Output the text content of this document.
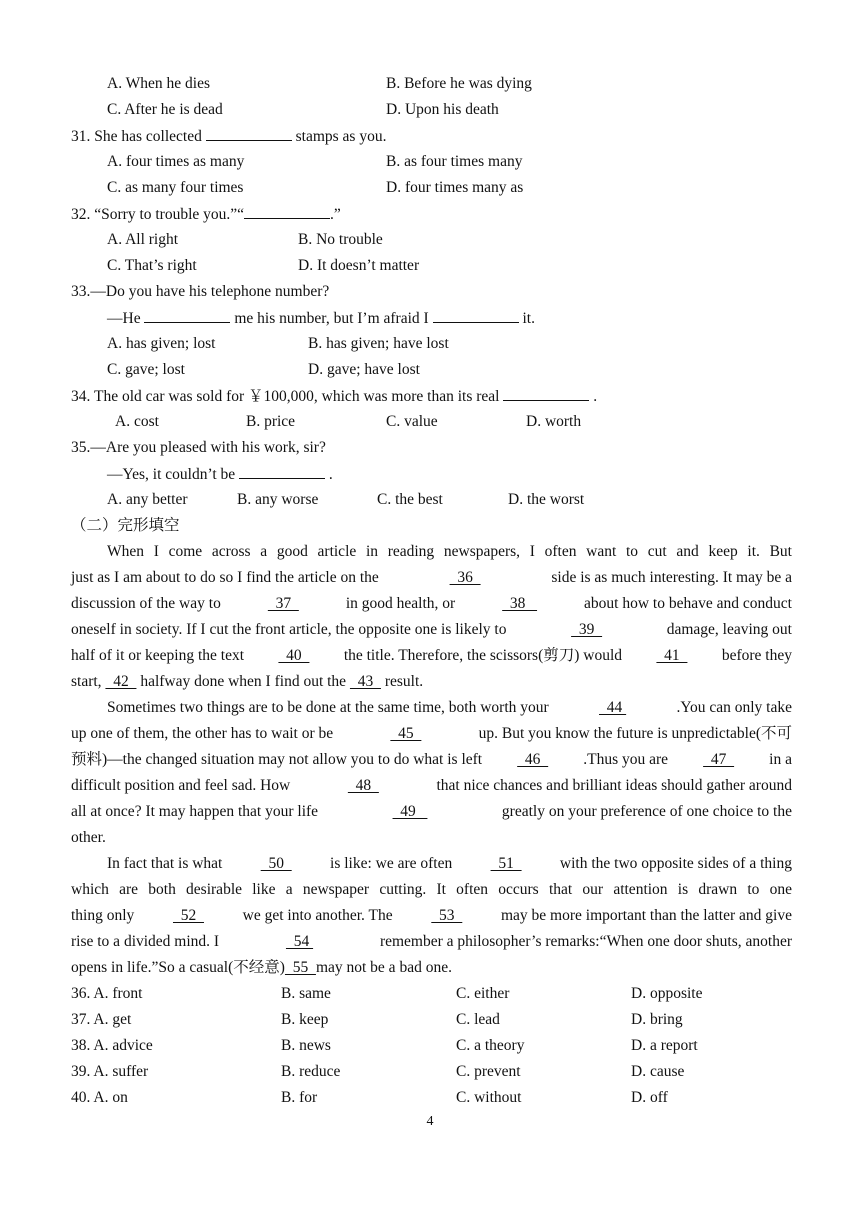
A. When he dies	B. Before he was dying
C. After he is dead	D. Upon his death
31. She has collected	stamps as you.
A. four times as many	B. as four times many
C. as many four times	D. four times many as
32. “Sorry to trouble you.”“	.”
A. All right	B. No trouble
C. That’s right	D. It doesn’t matter
33.—Do you have his telephone number?
—He	me his number, but I’m afraid I	it.
A. has given; lost	B. has given; have lost
C. gave; lost	D. gave; have lost
34. The old car was sold for ￥100,000, which was more than its real	.
A. cost	B. price	C. value	D. worth
35.—Are you pleased with his work, sir?
—Yes, it couldn’t be	.
A. any better	B. any worse	C. the best	D. the worst
（二）完形填空
When I come across a good article in reading newspapers, I often want to cut and keep it. But
just as I am about to do so I find the article on the	36	side is as much interesting. It may be a
discussion of the way to	37	in good health, or	38	about how to behave and conduct
oneself in society. If I cut the front article, the opposite one is likely to	39	damage, leaving out
half of it or keeping the text 40 the title. Therefore, the scissors(剪刀) would 41 before they
start,   42   halfway done when I find out the   43   result.
Sometimes two things are to be done at the same time, both worth your	44	.You can only take
up one of them, the other has to wait or be	45	up. But you know the future is unpredictable(不可
预料)—the changed situation may not allow you to do what is left 46 .Thus you are 47 in a
difficult position and feel sad. How	48	that nice chances and brilliant ideas should gather around
all at once? It may happen that your life	49	greatly on your preference of one choice to the
other.
In fact that is what 50 is like: we are often 51 with the two opposite sides of a thing
which are both desirable like a newspaper cutting. It often occurs that our attention is drawn to one
thing only 52 we get into another. The 53 may be more important than the latter and give
rise to a divided mind. I	54	remember a philosopher’s remarks:“When one door shuts, another
opens in life.”So a casual(不经意)  55  may not be a bad one.
36. A. front	B. same	C. either	D. opposite
37. A. get	B. keep	C. lead	D. bring
38. A. advice	B. news	C. a theory	D. a report
39. A. suffer	B. reduce	C. prevent	D. cause
40. A. on	B. for	C. without	D. off
4
